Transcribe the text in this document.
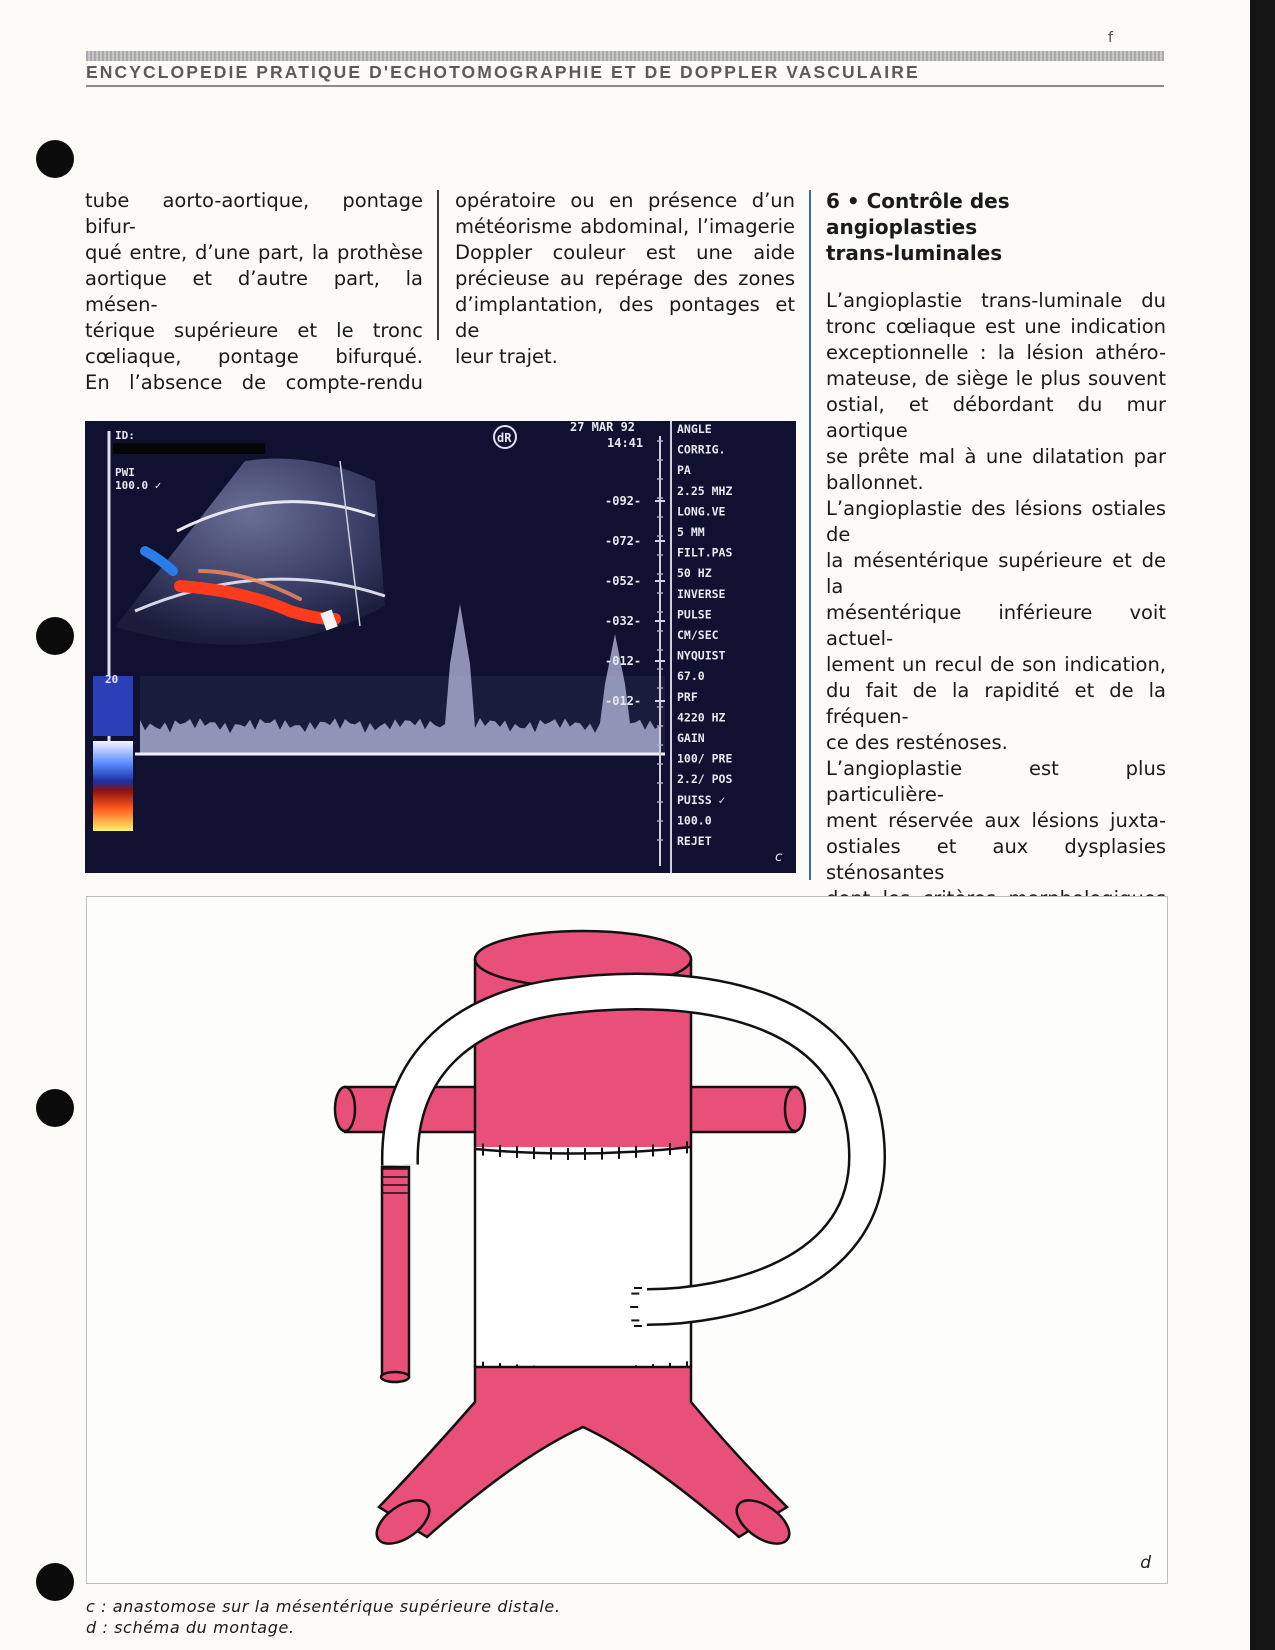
f
ENCYCLOPEDIE PRATIQUE D'ECHOTOMOGRAPHIE ET DE DOPPLER VASCULAIRE

tube aorto-aortique, pontage bifur-

qué entre, d’une part, la prothèse

aortique et d’autre part, la mésen-

térique supérieure et le tronc

cœliaque, pontage bifurqué.

En l’absence de compte-rendu

opératoire ou en présence d’un

météorisme abdominal, l’imagerie

Doppler couleur est une aide

précieuse au repérage des zones

d’implantation, des pontages et de

leur trajet.

6 • Contrôle des angioplasties
trans-luminales

L’angioplastie trans-luminale du

tronc cœliaque est une indication

exceptionnelle : la lésion athéro-

mateuse, de siège le plus souvent

ostial, et débordant du mur aortique

se prête mal à une dilatation par

ballonnet.

L’angioplastie des lésions ostiales de

la mésentérique supérieure et de la

mésentérique inférieure voit actuel-

lement un recul de son indication,

du fait de la rapidité et de la fréquen-

ce des resténoses.

L’angioplastie est plus particulière-

ment réservée aux lésions juxta-

ostiales et aux dysplasies sténosantes

dR
ID:
PWI
100.0 ✓
27 MAR 92
14:41
20
-092-
-072-
-052-
-032-
-012-
-012-
ANGLE
CORRIG.
PA
2.25 MHZ
LONG.VE
5 MM
FILT.PAS
50 HZ
INVERSE
PULSE
CM/SEC
NYQUIST
67.0
PRF
4220 HZ
GAIN
100/ PRE
2.2/ POS
PUISS ✓
100.0
REJET
c
d
c : anastomose sur la mésentérique supérieure distale.
d : schéma du montage.
